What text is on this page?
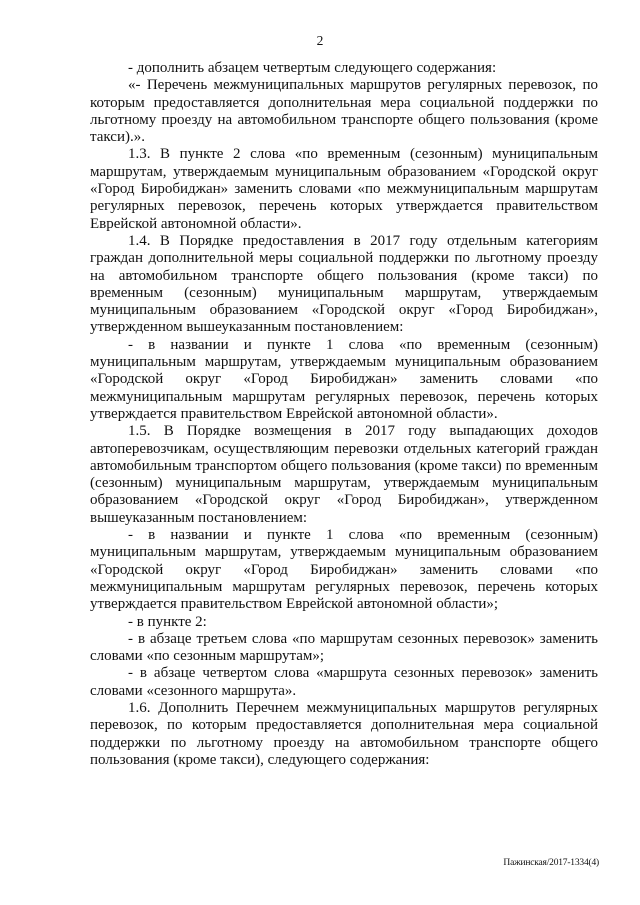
2

- дополнить абзацем четвертым следующего содержания:

«- Перечень межмуниципальных маршрутов регулярных перевозок, по которым предоставляется дополнительная мера социальной поддержки по льготному проезду на автомобильном транспорте общего пользования (кроме такси).».

1.3. В пункте 2 слова «по временным (сезонным) муниципальным маршрутам, утверждаемым муниципальным образованием «Городской округ «Город Биробиджан» заменить словами «по межмуниципальным маршрутам регулярных перевозок, перечень которых утверждается правительством Еврейской автономной области».

1.4. В Порядке предоставления в 2017 году отдельным категориям граждан дополнительной меры социальной поддержки по льготному проезду на автомобильном транспорте общего пользования (кроме такси) по временным (сезонным) муниципальным маршрутам, утверждаемым муниципальным образованием «Городской округ «Город Биробиджан», утвержденном вышеуказанным постановлением:

- в названии и пункте 1 слова «по временным (сезонным) муниципальным маршрутам, утверждаемым муниципальным образованием «Городской округ «Город Биробиджан» заменить словами «по межмуниципальным маршрутам регулярных перевозок, перечень которых утверждается правительством Еврейской автономной области».

1.5. В Порядке возмещения в 2017 году выпадающих доходов автоперевозчикам, осуществляющим перевозки отдельных категорий граждан автомобильным транспортом общего пользования (кроме такси) по временным (сезонным) муниципальным маршрутам, утверждаемым муниципальным образованием «Городской округ «Город Биробиджан», утвержденном вышеуказанным постановлением:

- в названии и пункте 1 слова «по временным (сезонным) муниципальным маршрутам, утверждаемым муниципальным образованием «Городской округ «Город Биробиджан» заменить словами «по межмуниципальным маршрутам регулярных перевозок, перечень которых утверждается правительством Еврейской автономной области»;

- в пункте 2:

- в абзаце третьем слова «по маршрутам сезонных перевозок» заменить словами «по сезонным маршрутам»;

- в абзаце четвертом слова «маршрута сезонных перевозок» заменить словами «сезонного маршрута».

1.6. Дополнить Перечнем межмуниципальных маршрутов регулярных перевозок, по которым предоставляется дополнительная мера социальной поддержки по льготному проезду на автомобильном транспорте общего пользования (кроме такси), следующего содержания:

Пажинская/2017-1334(4)
